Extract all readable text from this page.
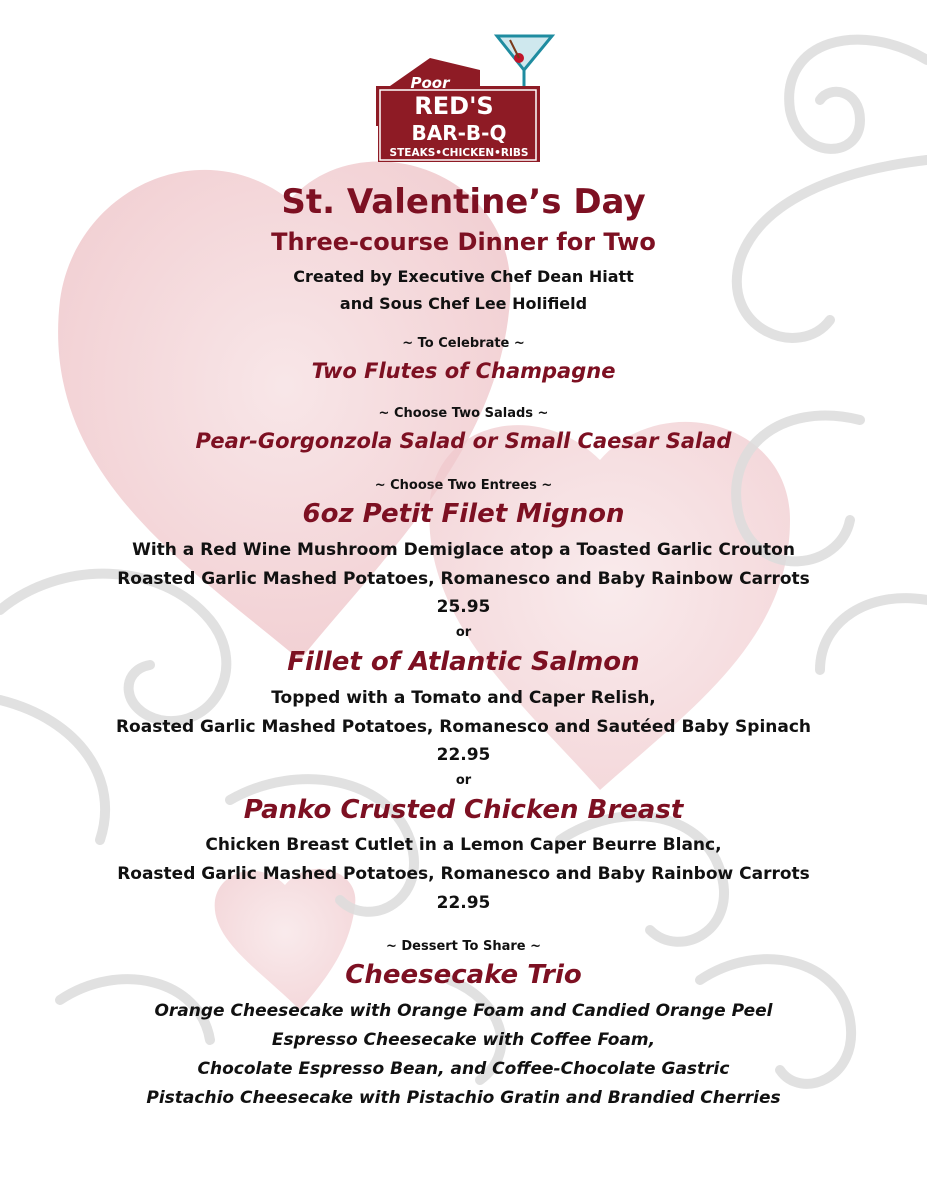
Poor
RED'S
BAR-B-Q
STEAKS•CHICKEN•RIBS
St. Valentine’s Day
Three-course Dinner for Two
Created by Executive Chef Dean Hiatt
and Sous Chef Lee Holifield
~ To Celebrate ~
Two Flutes of Champagne
~ Choose Two Salads ~
Pear-Gorgonzola Salad or Small Caesar Salad
~ Choose Two Entrees ~
6oz Petit Filet Mignon
With a Red Wine Mushroom Demiglace atop a Toasted Garlic Crouton
Roasted Garlic Mashed Potatoes, Romanesco and Baby Rainbow Carrots
25.95
or
Fillet of Atlantic Salmon
Topped with a Tomato and Caper Relish,
Roasted Garlic Mashed Potatoes, Romanesco and Sautéed Baby Spinach
22.95
or
Panko Crusted Chicken Breast
Chicken Breast Cutlet in a Lemon Caper Beurre Blanc,
Roasted Garlic Mashed Potatoes, Romanesco and Baby Rainbow Carrots
22.95
~ Dessert To Share ~
Cheesecake Trio
Orange Cheesecake with Orange Foam and Candied Orange Peel
Espresso Cheesecake with Coffee Foam,
Chocolate Espresso Bean, and Coffee-Chocolate Gastric
Pistachio Cheesecake with Pistachio Gratin and Brandied Cherries
